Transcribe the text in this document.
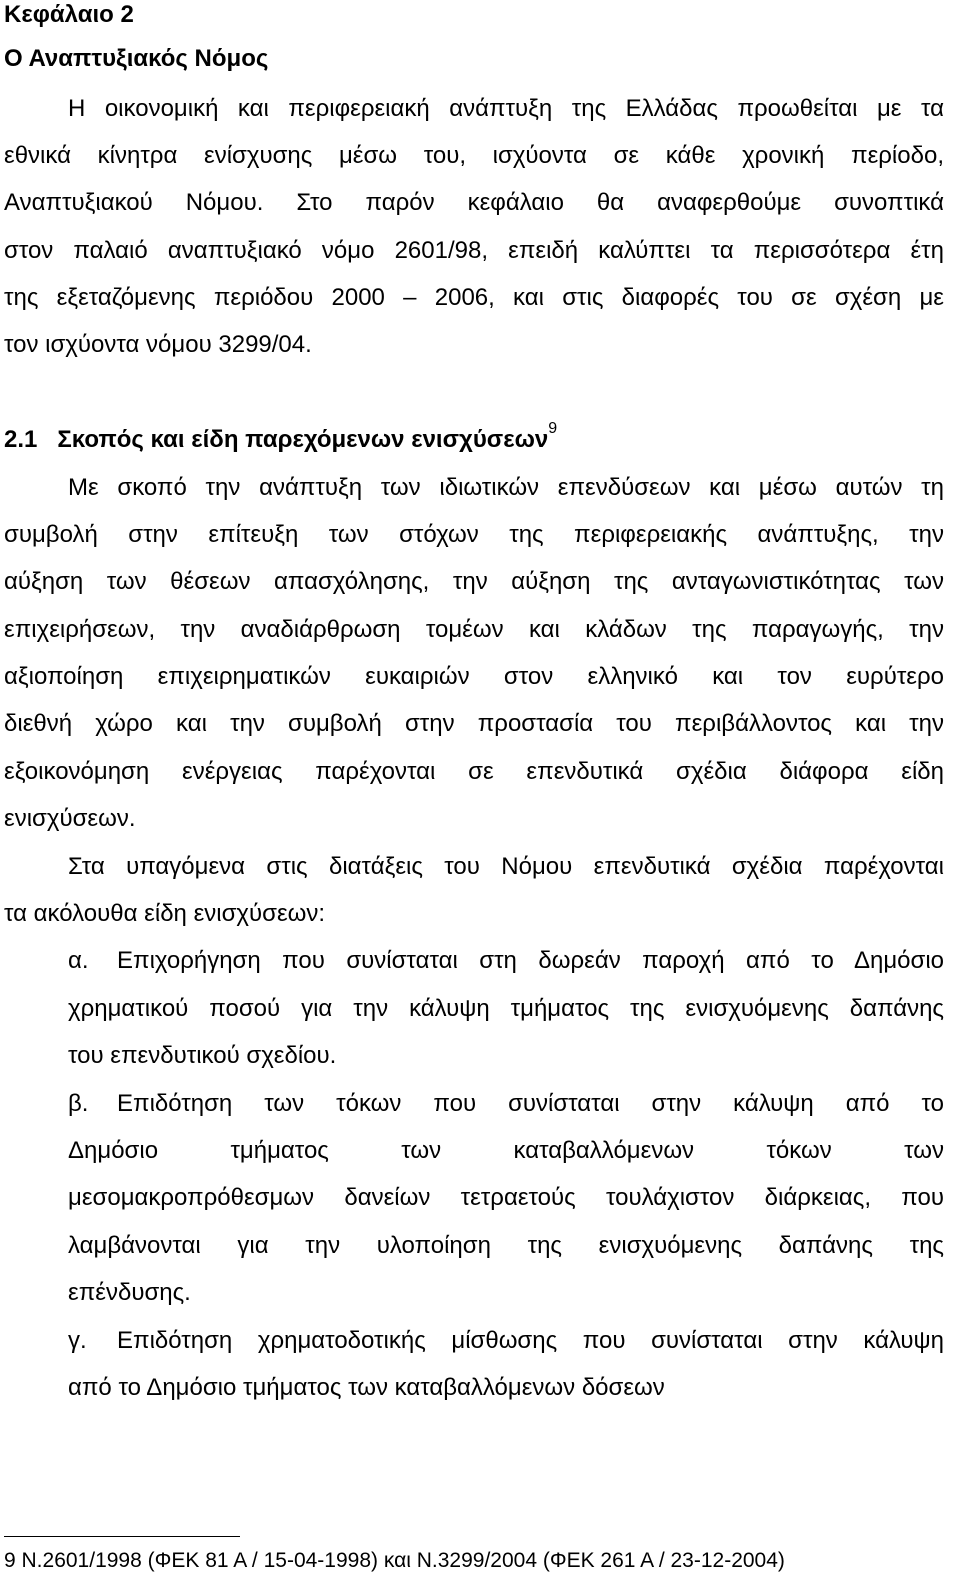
Κεφάλαιο 2
Ο Αναπτυξιακός Νόμος
Η οικονομική και περιφερειακή ανάπτυξη της Ελλάδας προωθείται με τα
εθνικά κίνητρα ενίσχυσης μέσω του, ισχύοντα σε κάθε χρονική περίοδο,
Αναπτυξιακού Νόμου. Στο παρόν κεφάλαιο θα αναφερθούμε συνοπτικά
στον παλαιό αναπτυξιακό νόμο 2601/98, επειδή καλύπτει τα περισσότερα έτη
της εξεταζόμενης περιόδου 2000 – 2006, και στις διαφορές του σε σχέση με
τον ισχύοντα νόμου 3299/04.
2.1 Σκοπός και είδη παρεχόμενων ενισχύσεων$^9$
Με σκοπό την ανάπτυξη των ιδιωτικών επενδύσεων και μέσω αυτών τη
συμβολή στην επίτευξη των στόχων της περιφερειακής ανάπτυξης, την
αύξηση των θέσεων απασχόλησης, την αύξηση της ανταγωνιστικότητας των
επιχειρήσεων, την αναδιάρθρωση τομέων και κλάδων της παραγωγής, την
αξιοποίηση επιχειρηματικών ευκαιριών στον ελληνικό και τον ευρύτερο
διεθνή χώρο και την συμβολή στην προστασία του περιβάλλοντος και την
εξοικονόμηση ενέργειας παρέχονται σε επενδυτικά σχέδια διάφορα είδη
ενισχύσεων.
Στα υπαγόμενα στις διατάξεις του Νόμου επενδυτικά σχέδια παρέχονται
τα ακόλουθα είδη ενισχύσεων:
α. Επιχορήγηση που συνίσταται στη δωρεάν παροχή από το Δημόσιο
χρηματικού ποσού για την κάλυψη τμήματος της ενισχυόμενης δαπάνης
του επενδυτικού σχεδίου.
β. Επιδότηση των τόκων που συνίσταται στην κάλυψη από το
Δημόσιο τμήματος των καταβαλλόμενων τόκων των
μεσομακροπρόθεσμων δανείων τετραετούς τουλάχιστον διάρκειας, που
λαμβάνονται για την υλοποίηση της ενισχυόμενης δαπάνης της
επένδυσης.
γ. Επιδότηση χρηματοδοτικής μίσθωσης που συνίσταται στην κάλυψη
από το Δημόσιο τμήματος των καταβαλλόμενων δόσεων
9 Ν.2601/1998 (ΦΕΚ 81 Α / 15-04-1998) και Ν.3299/2004 (ΦΕΚ 261 Α / 23-12-2004)
